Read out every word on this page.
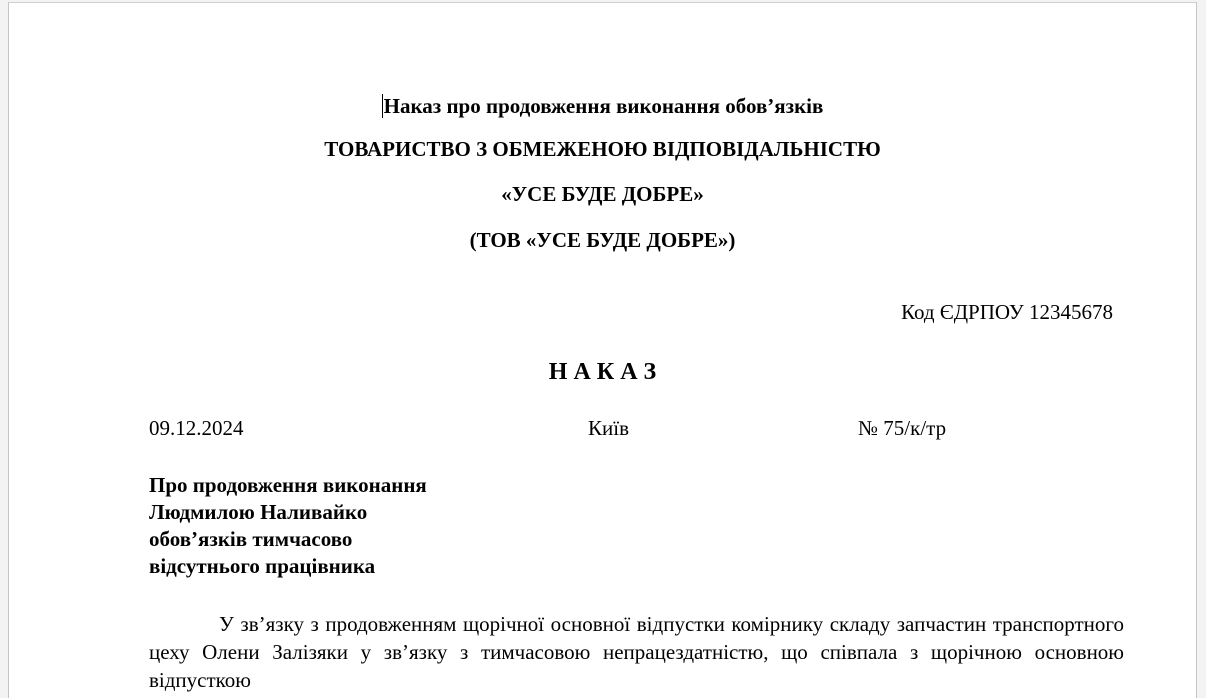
Наказ про продовження виконання обов’язків
ТОВАРИСТВО З ОБМЕЖЕНОЮ ВІДПОВІДАЛЬНІСТЮ
«УСЕ БУДЕ ДОБРЕ»
(ТОВ «УСЕ БУДЕ ДОБРЕ»)
Код ЄДРПОУ 12345678
Н А К А З
09.12.2024	Київ	№ 75/к/тр
Про продовження виконання
Людмилою Наливайко
обов’язків тимчасово
відсутнього працівника
У зв’язку з продовженням щорічної основної відпустки комірнику складу запчастин транспортного цеху Олени Залізяки у зв’язку з тимчасовою непрацездатністю, що співпала з щорічною основною відпусткою
